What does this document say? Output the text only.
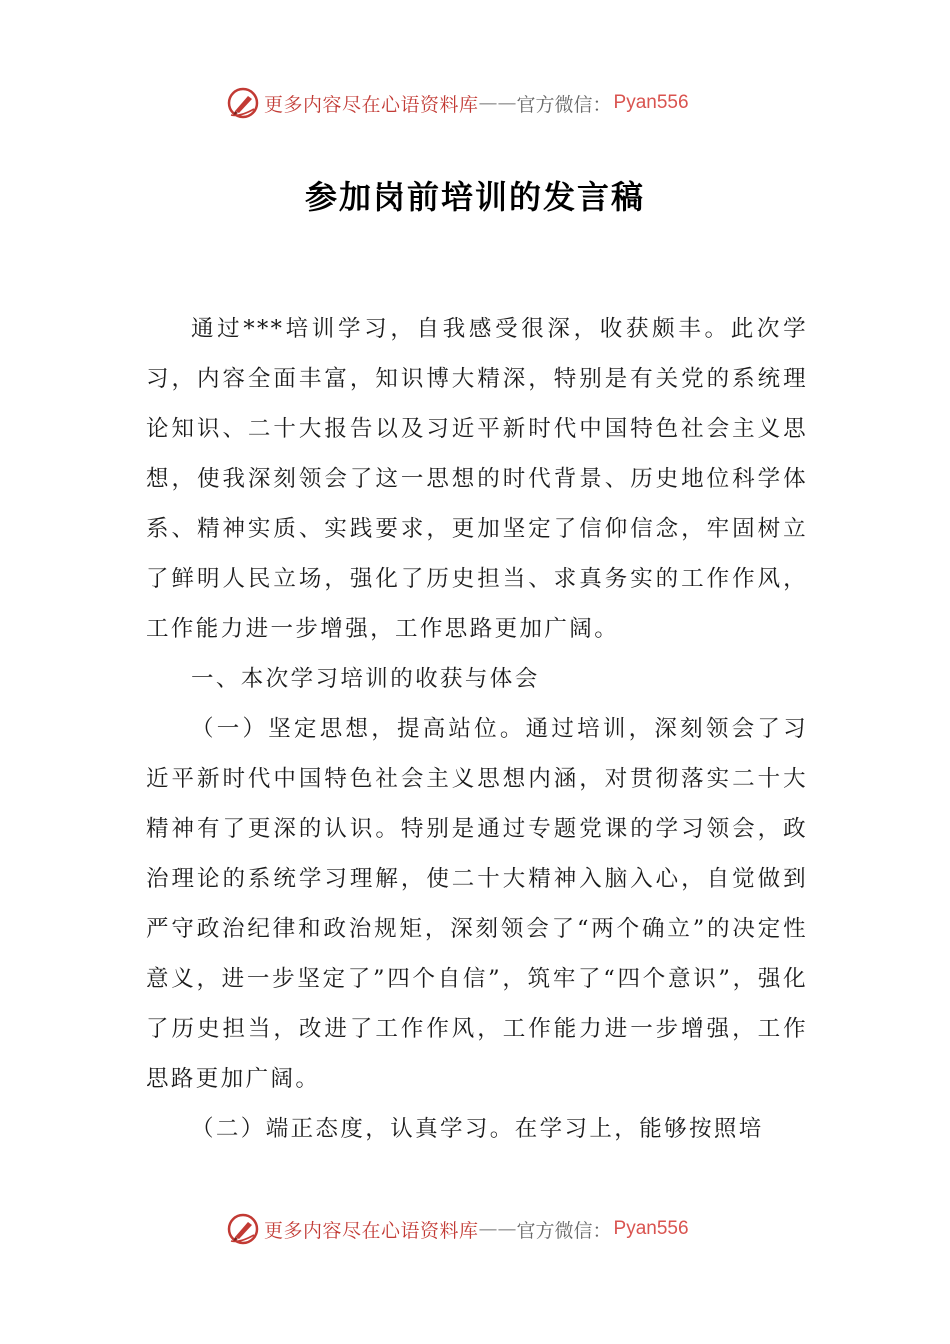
更多内容尽在心语资料库 —— 官方微信： Pyan556
参加岗前培训的发言稿

通过***培训学习，自我感受很深，收获颇丰。此次学习，内容全面丰富，知识博大精深，特别是有关党的系统理论知识、二十大报告以及习近平新时代中国特色社会主义思想，使我深刻领会了这一思想的时代背景、历史地位科学体系、精神实质、实践要求，更加坚定了信仰信念，牢固树立了鲜明人民立场，强化了历史担当、求真务实的工作作风，工作能力进一步增强，工作思路更加广阔。

一、本次学习培训的收获与体会

（一）坚定思想，提高站位。通过培训，深刻领会了习近平新时代中国特色社会主义思想内涵，对贯彻落实二十大精神有了更深的认识。特别是通过专题党课的学习领会，政治理论的系统学习理解，使二十大精神入脑入心，自觉做到严守政治纪律和政治规矩，深刻领会了“两个确立”的决定性意义，进一步坚定了”四个自信”，筑牢了“四个意识”，强化了历史担当，改进了工作作风，工作能力进一步增强，工作思路更加广阔。

（二）端正态度，认真学习。在学习上，能够按照培

更多内容尽在心语资料库 —— 官方微信： Pyan556
